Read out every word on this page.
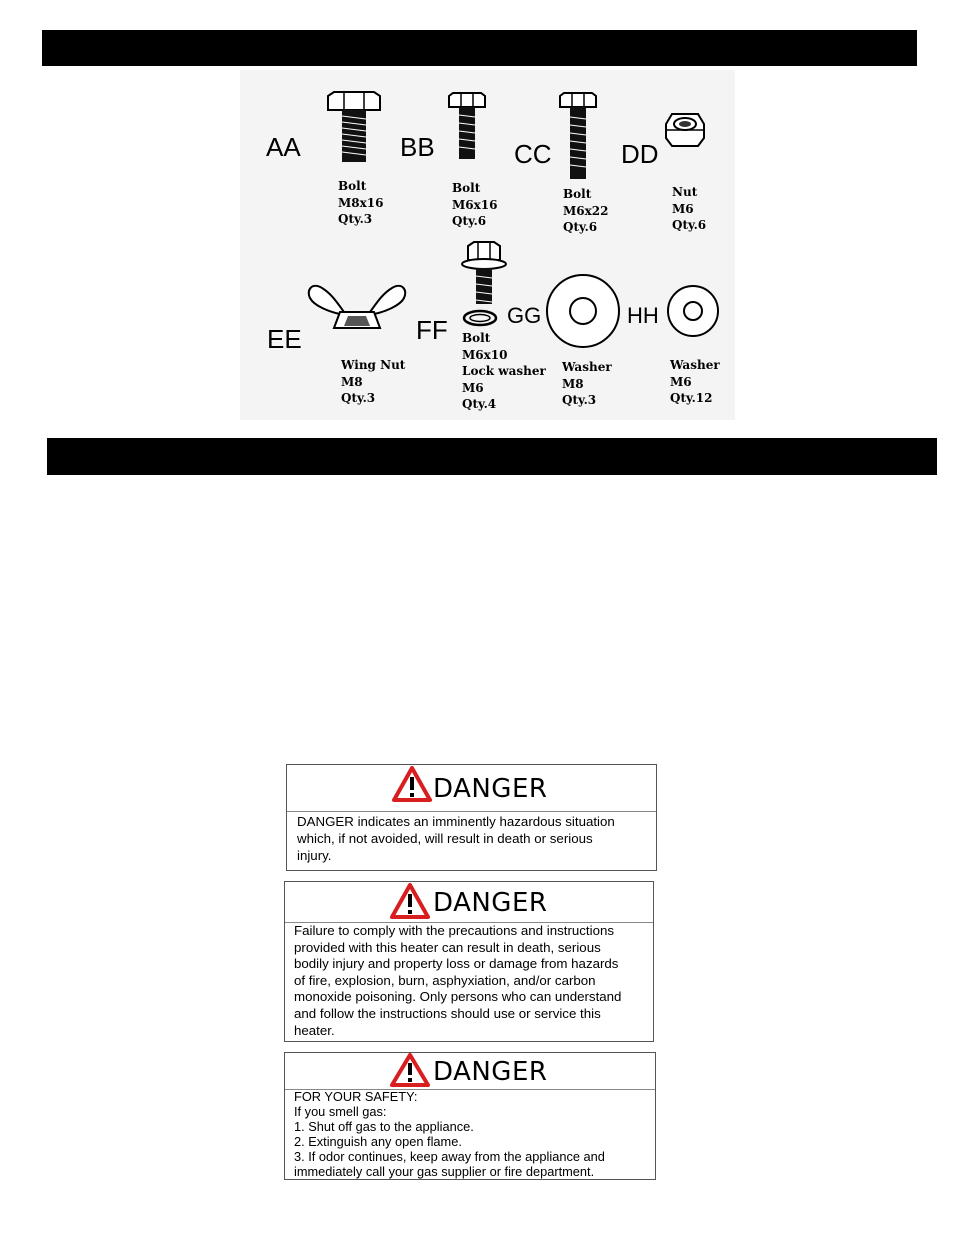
AA
Bolt
M8x16
Qty.3
BB
Bolt
M6x16
Qty.6
CC
Bolt
M6x22
Qty.6
DD
Nut
M6
Qty.6
EE
Wing Nut
M8
Qty.3
FF Bolt
M6x10
Lock washer
M6
Qty.4
GG
Washer
M8
Qty.3
HH
Washer
M6
Qty.12
DANGER
DANGER indicates an imminently hazardous situation
which, if not avoided, will result in death or serious
injury.
DANGER
Failure to comply with the precautions and instructions
provided with this heater can result in death, serious
bodily injury and property loss or damage from hazards
of fire, explosion, burn, asphyxiation, and/or carbon
monoxide poisoning. Only persons who can understand
and follow the instructions should use or service this
heater.
DANGER
FOR YOUR SAFETY:
If you smell gas:
1. Shut off gas to the appliance.
2. Extinguish any open flame.
3. If odor continues, keep away from the appliance and
immediately call your gas supplier or fire department.
